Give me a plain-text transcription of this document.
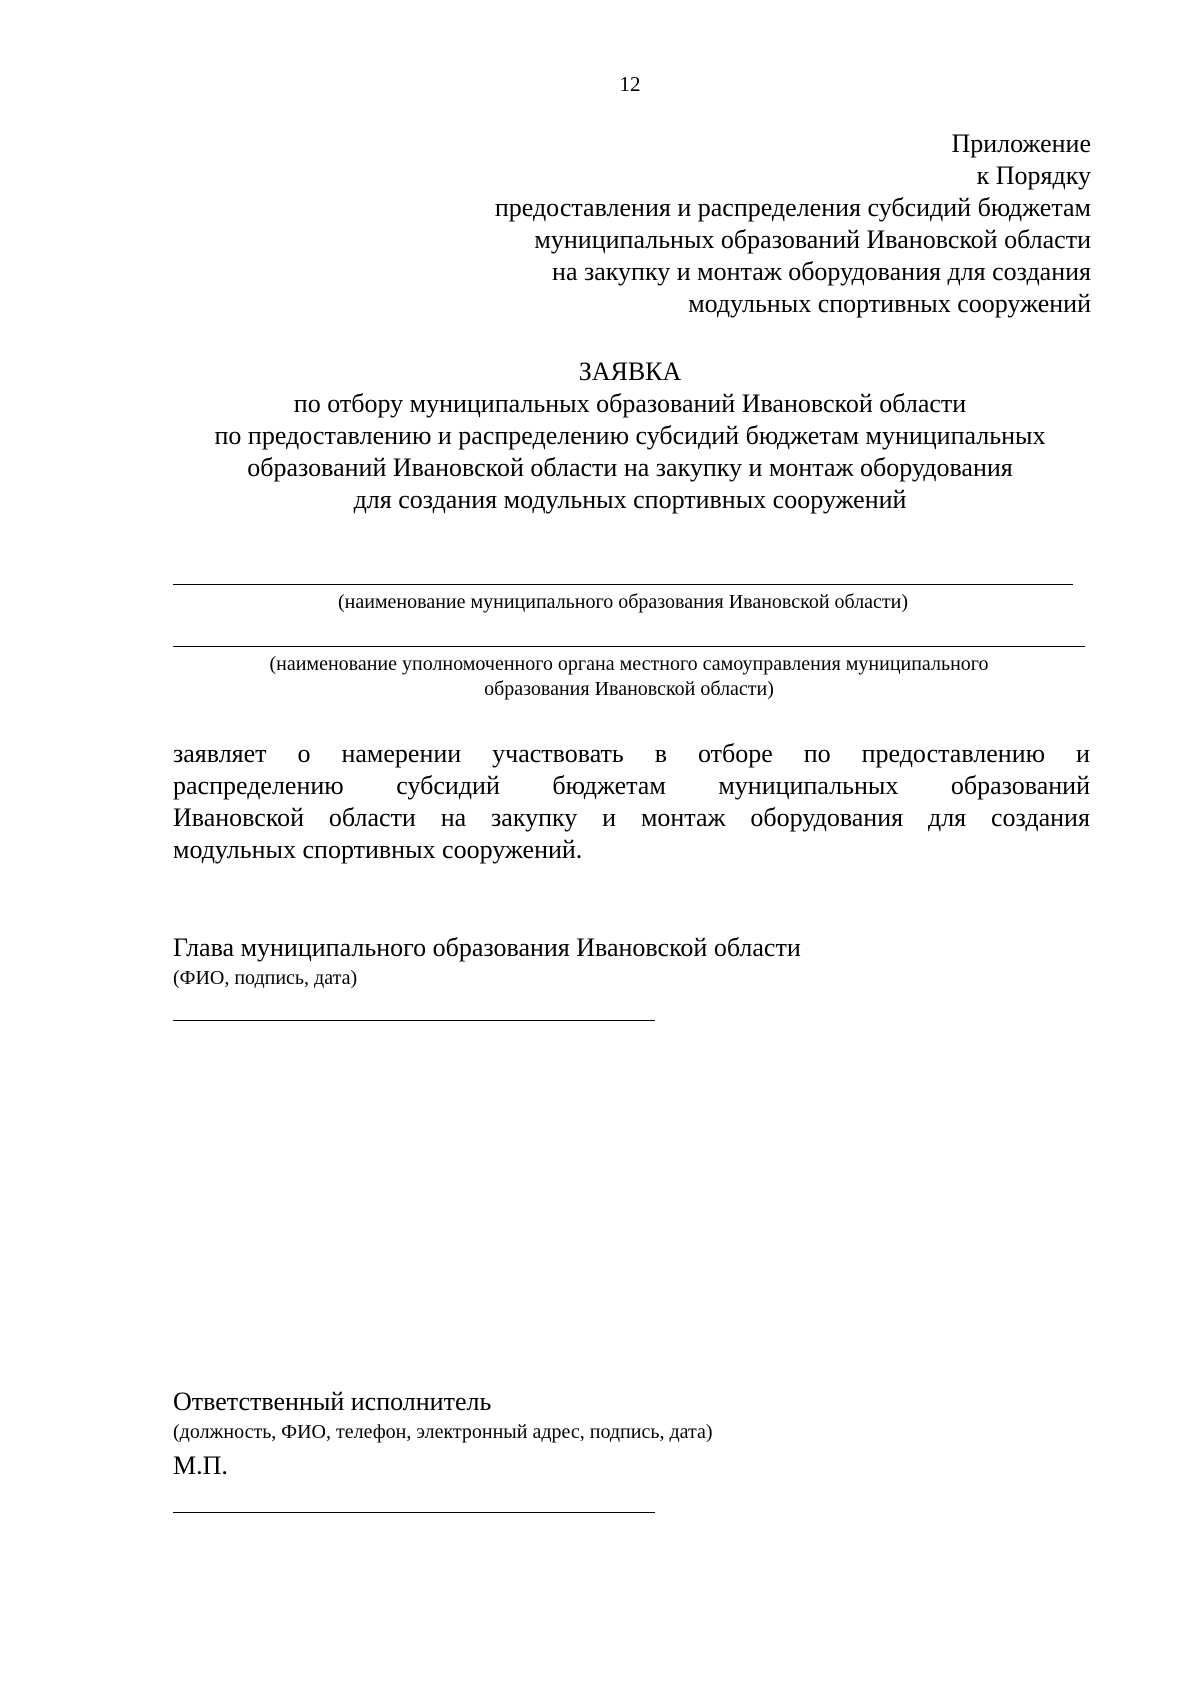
12
Приложение
к Порядку
предоставления и распределения субсидий бюджетам
муниципальных образований Ивановской области
на закупку и монтаж оборудования для создания
модульных спортивных сооружений
ЗАЯВКА
по отбору муниципальных образований Ивановской области
по предоставлению и распределению субсидий бюджетам муниципальных
образований Ивановской области на закупку и монтаж оборудования
для создания модульных спортивных сооружений
(наименование муниципального образования Ивановской области)
(наименование уполномоченного органа местного самоуправления муниципального
образования Ивановской области)
заявляет о намерении участвовать в отборе по предоставлению и
распределению субсидий бюджетам муниципальных образований
Ивановской области на закупку и монтаж оборудования для создания
модульных спортивных сооружений.
Глава муниципального образования Ивановской области
(ФИО, подпись, дата)
Ответственный исполнитель
(должность, ФИО, телефон, электронный адрес, подпись, дата)
М.П.
